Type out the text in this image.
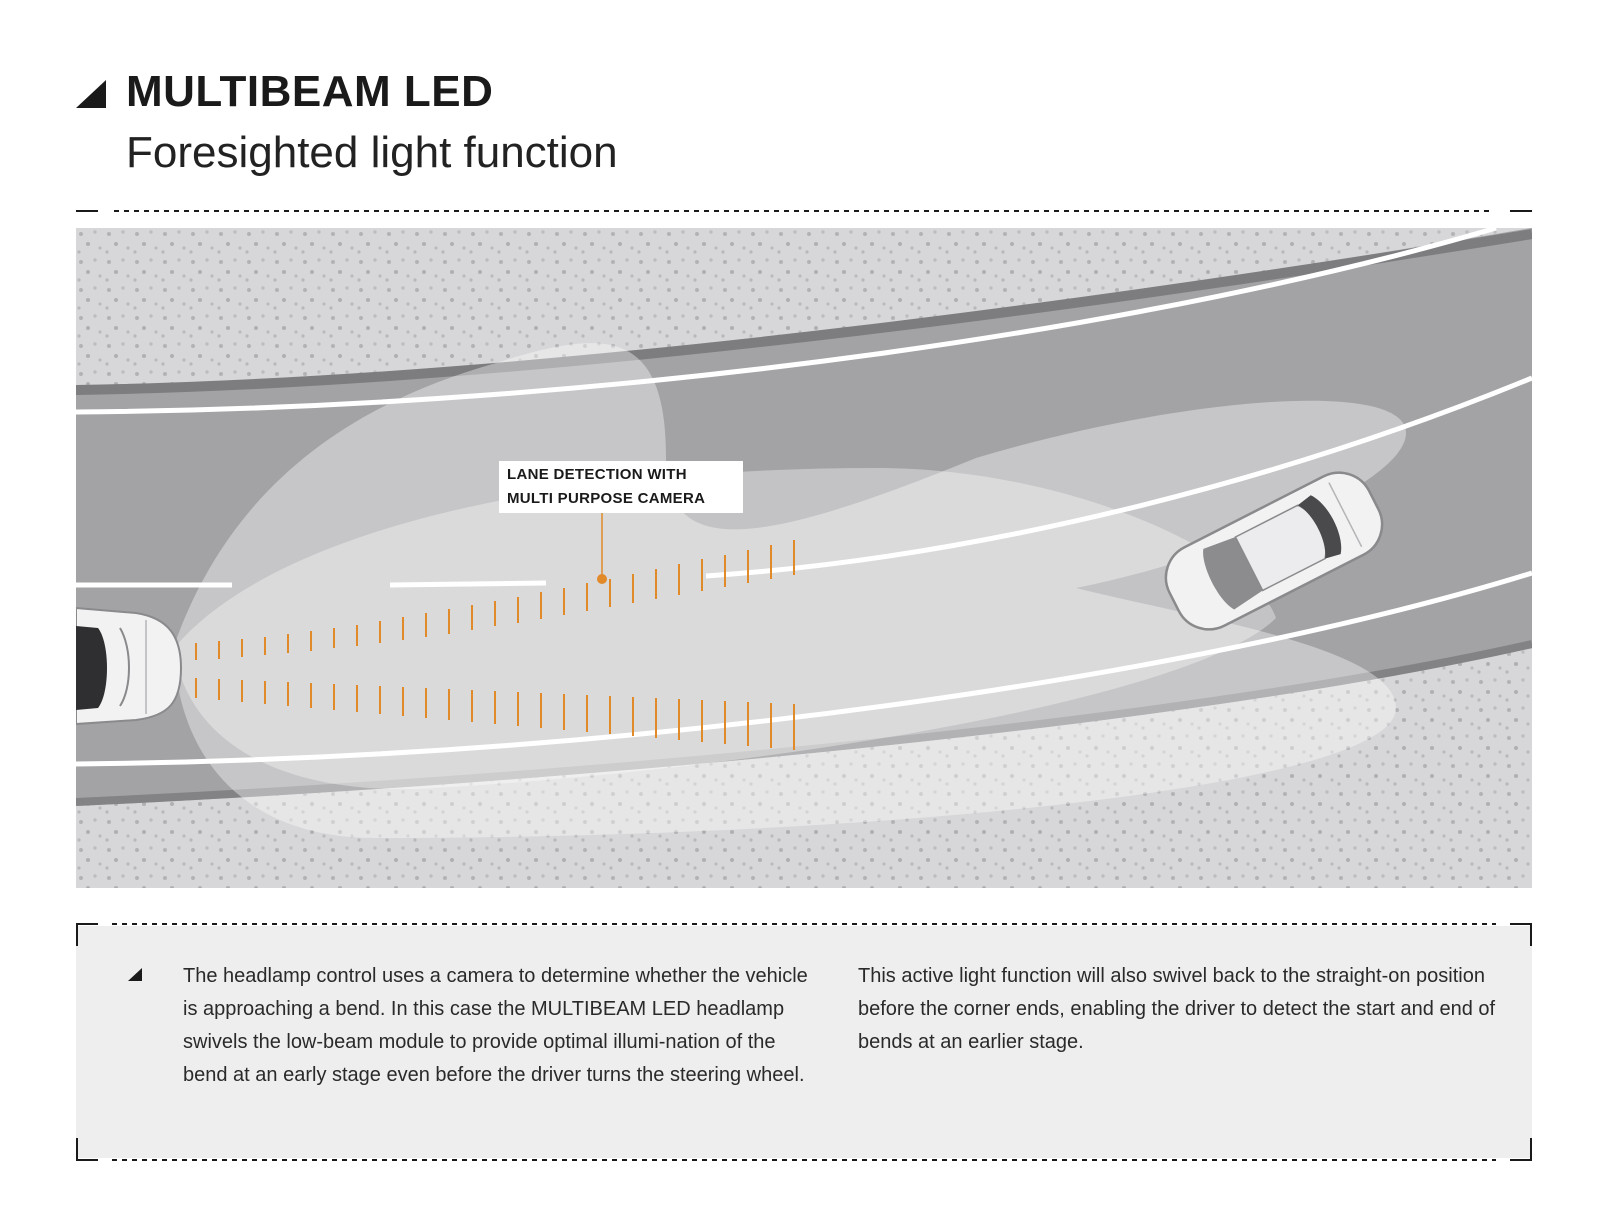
MULTIBEAM LED
Foresighted light function
LANE DETECTION WITH
MULTI PURPOSE CAMERA

The headlamp control uses a camera to determine whether the vehicle is approaching a bend. In this case the MULTIBEAM LED headlamp swivels the low-beam module to provide optimal illumi-nation of the bend at an early stage even before the driver turns the steering wheel.

This active light function will also swivel back to the straight-on position before the corner ends, enabling the driver to detect the start and end of bends at an earlier stage.
